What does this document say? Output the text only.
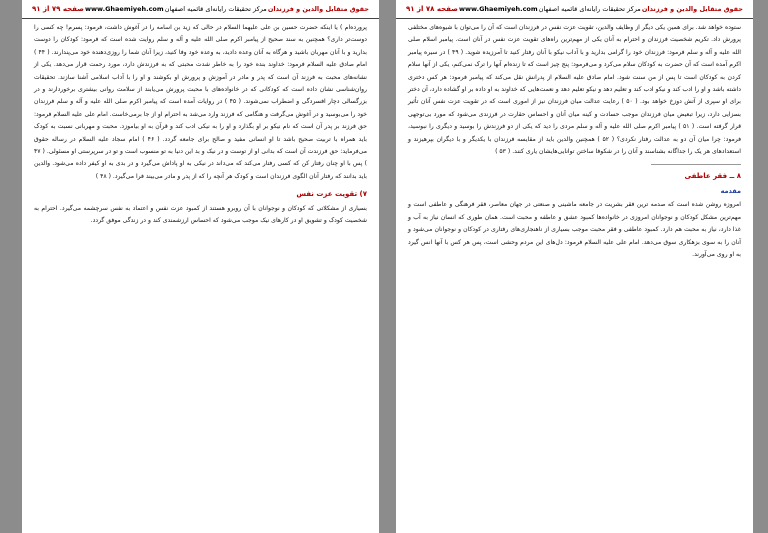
صفحه ۷۹ از ۹۱ www.Ghaemiyeh.com مرکز تحقیقات رایانه‌ای قائمیه اصفهان حقوق متقابل والدین و فرزندان

پرورده‌ام ) یا اینکه حضرت حسین بن علی علیهما السلام در حالی که زید بن اسامه را در آغوش داشت، فرمود: پسرم! چه کسی را دوست‌تر داری؟ همچنین به سند صحیح از پیامبر اکرم صلی الله علیه و آله و سلم روایت شده است که فرمود: کودکان را دوست بدارید و با آنان مهربان باشید و هرگاه به آنان وعده دادید، به وعده خود وفا کنید، زیرا آنان شما را روزی‌دهنده خود می‌پندارند. ( ۴۴ ) امام صادق علیه السلام فرمود: خداوند بنده خود را به خاطر شدت محبتی که به فرزندش دارد، مورد رحمت قرار می‌دهد. یکی از نشانه‌های محبت به فرزند آن است که پدر و مادر در آموزش و پرورش او بکوشند و او را با آداب اسلامی آشنا سازند. تحقیقات روان‌شناسی نشان داده است که کودکانی که در خانواده‌های با محبت پرورش می‌یابند از سلامت روانی بیشتری برخوردارند و در بزرگسالی دچار افسردگی و اضطراب نمی‌شوند. ( ۴۵ ) در روایات آمده است که پیامبر اکرم صلی الله علیه و آله و سلم فرزندان خود را می‌بوسید و در آغوش می‌گرفت و هنگامی که فرزند وارد می‌شد به احترام او از جا برمی‌خاست. امام علی علیه السلام فرمود: حق فرزند بر پدر آن است که نام نیکو بر او بگذارد و او را به نیکی ادب کند و قرآن به او بیاموزد. محبت و مهربانی نسبت به کودک باید همراه با تربیت صحیح باشد تا او انسانی مفید و صالح برای جامعه گردد. ( ۴۶ ) امام سجاد علیه السلام در رساله حقوق می‌فرماید: حق فرزندت آن است که بدانی او از توست و در نیک و بد این دنیا به تو منسوب است و تو در سرپرستی او مسئولی. ( ۴۷ ) پس با او چنان رفتار کن که کسی رفتار می‌کند که می‌داند در نیکی به او پاداش می‌گیرد و در بدی به او کیفر داده می‌شود. والدین باید بدانند که رفتار آنان الگوی فرزندان است و کودک هر آنچه را که از پدر و مادر می‌بیند فرا می‌گیرد. ( ۴۸ )

۷) تقویت عزت نفس

بسیاری از مشکلاتی که کودکان و نوجوانان با آن روبرو هستند از کمبود عزت نفس و اعتماد به نفس سرچشمه می‌گیرد. احترام به شخصیت کودک و تشویق او در کارهای نیک موجب می‌شود که احساس ارزشمندی کند و در زندگی موفق گردد.

صفحه ۷۸ از ۹۱ www.Ghaemiyeh.com مرکز تحقیقات رایانه‌ای قائمیه اصفهان حقوق متقابل والدین و فرزندان

ستوده خواهد شد. برای همین یکی دیگر از وظایف والدین، تقویت عزت نفس در فرزندان است که آن را می‌توان با شیوه‌های مختلفی پرورش داد. تکریم شخصیت فرزندان و احترام به آنان یکی از مهم‌ترین راه‌های تقویت عزت نفس در آنان است. پیامبر اسلام صلی الله علیه و آله و سلم فرمود: فرزندان خود را گرامی بدارید و با آداب نیکو با آنان رفتار کنید تا آمرزیده شوید. ( ۴۹ ) در سیره پیامبر اکرم آمده است که آن حضرت به کودکان سلام می‌کرد و می‌فرمود: پنج چیز است که تا زنده‌ام آنها را ترک نمی‌کنم، یکی از آنها سلام کردن به کودکان است تا پس از من سنت شود. امام صادق علیه السلام از پدرانش نقل می‌کند که پیامبر فرمود: هر کس دختری داشته باشد و او را ادب کند و نیکو ادب کند و تعلیم دهد و نیکو تعلیم دهد و نعمت‌هایی که خداوند به او داده بر او گشاده دارد، آن دختر برای او سپری از آتش دوزخ خواهد بود. ( ۵۰ ) رعایت عدالت میان فرزندان نیز از اموری است که در تقویت عزت نفس آنان تأثیر بسزایی دارد، زیرا تبعیض میان فرزندان موجب حسادت و کینه میان آنان و احساس حقارت در فرزندی می‌شود که مورد بی‌توجهی قرار گرفته است. ( ۵۱ ) پیامبر اکرم صلی الله علیه و آله و سلم مردی را دید که یکی از دو فرزندش را بوسید و دیگری را نبوسید، فرمود: چرا میان آن دو به عدالت رفتار نکردی؟ ( ۵۲ ) همچنین والدین باید از مقایسه فرزندان با یکدیگر و با دیگران بپرهیزند و استعدادهای هر یک را جداگانه بشناسند و آنان را در شکوفا ساختن توانایی‌هایشان یاری کنند. ( ۵۳ )

۸ ــ فقر عاطفی
مقدمه

امروزه روشن شده است که صدمه ترین فقر بشریت در جامعه ماشینی و صنعتی در جهان معاصر، فقر فرهنگی و عاطفی است و مهم‌ترین مشکل کودکان و نوجوانان امروزی در خانواده‌ها کمبود عشق و عاطفه و محبت است. همان طوری که انسان نیاز به آب و غذا دارد، نیاز به محبت هم دارد. کمبود عاطفی و فقر محبت موجب بسیاری از ناهنجاری‌های رفتاری در کودکان و نوجوانان می‌شود و آنان را به سوی بزهکاری سوق می‌دهد. امام علی علیه السلام فرمود: دل‌های این مردم وحشی است، پس هر کس با آنها انس گیرد به او روی می‌آورند.
